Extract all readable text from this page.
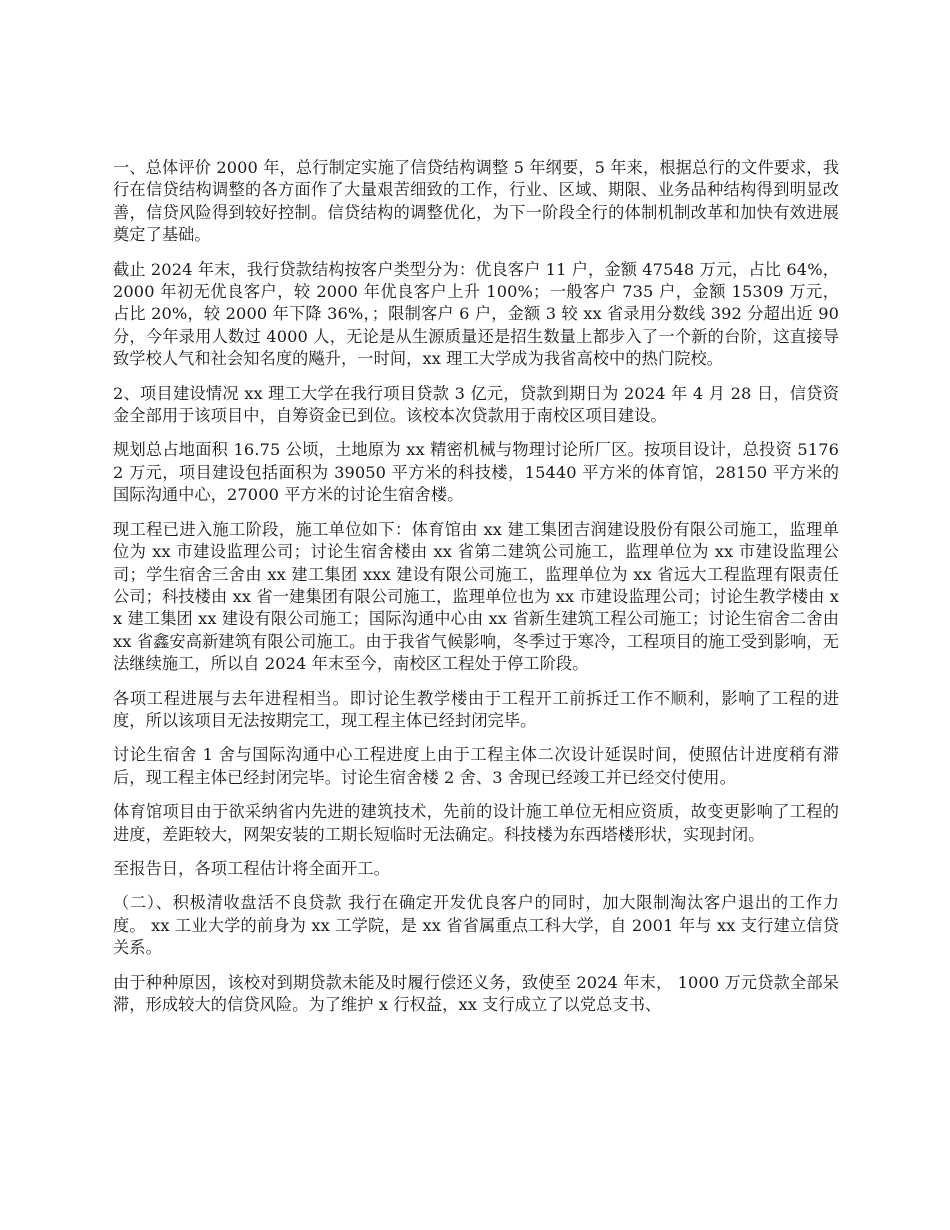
一、总体评价 2000 年，总行制定实施了信贷结构调整 5 年纲要，5 年来，根据总行的文件要求，我行在信贷结构调整的各方面作了大量艰苦细致的工作，行业、区域、期限、业务品种结构得到明显改善，信贷风险得到较好控制。信贷结构的调整优化，为下一阶段全行的体制机制改革和加快有效进展奠定了基础。

截止 2024 年末，我行贷款结构按客户类型分为：优良客户 11 户，金额 47548 万元，占比 64%，2000 年初无优良客户，较 2000 年优良客户上升 100%；一般客户 735 户，金额 15309 万元，占比 20%，较 2000 年下降 36%，；限制客户 6 户，金额 3 较 xx 省录用分数线 392 分超出近 90 分，今年录用人数过 4000 人，无论是从生源质量还是招生数量上都步入了一个新的台阶，这直接导致学校人气和社会知名度的飚升，一时间，xx 理工大学成为我省高校中的热门院校。

2、项目建设情况 xx 理工大学在我行项目贷款 3 亿元，贷款到期日为 2024 年 4 月 28 日，信贷资金全部用于该项目中，自筹资金已到位。该校本次贷款用于南校区项目建设。

规划总占地面积 16.75 公顷，土地原为 xx 精密机械与物理讨论所厂区。按项目设计，总投资 51762 万元，项目建设包括面积为 39050 平方米的科技楼，15440 平方米的体育馆，28150 平方米的国际沟通中心，27000 平方米的讨论生宿舍楼。

现工程已进入施工阶段，施工单位如下：体育馆由 xx 建工集团吉润建设股份有限公司施工，监理单位为 xx 市建设监理公司；讨论生宿舍楼由 xx 省第二建筑公司施工，监理单位为 xx 市建设监理公司；学生宿舍三舍由 xx 建工集团 xxx 建设有限公司施工，监理单位为 xx 省远大工程监理有限责任公司；科技楼由 xx 省一建集团有限公司施工，监理单位也为 xx 市建设监理公司；讨论生教学楼由 xx 建工集团 xx 建设有限公司施工；国际沟通中心由 xx 省新生建筑工程公司施工；讨论生宿舍二舍由 xx 省鑫安高新建筑有限公司施工。由于我省气候影响，冬季过于寒冷，工程项目的施工受到影响，无法继续施工，所以自 2024 年末至今，南校区工程处于停工阶段。

各项工程进展与去年进程相当。即讨论生教学楼由于工程开工前拆迁工作不顺利，影响了工程的进度，所以该项目无法按期完工，现工程主体已经封闭完毕。

讨论生宿舍 1 舍与国际沟通中心工程进度上由于工程主体二次设计延误时间，使照估计进度稍有滞后，现工程主体已经封闭完毕。讨论生宿舍楼 2 舍、3 舍现已经竣工并已经交付使用。

体育馆项目由于欲采纳省内先进的建筑技术，先前的设计施工单位无相应资质，故变更影响了工程的进度，差距较大，网架安装的工期长短临时无法确定。科技楼为东西塔楼形状，实现封闭。

至报告日，各项工程估计将全面开工。

（二）、积极清收盘活不良贷款 我行在确定开发优良客户的同时，加大限制淘汰客户退出的工作力度。 xx 工业大学的前身为 xx 工学院，是 xx 省省属重点工科大学，自 2001 年与 xx 支行建立信贷关系。

由于种种原因，该校对到期贷款未能及时履行偿还义务，致使至 2024 年末， 1000 万元贷款全部呆滞，形成较大的信贷风险。为了维护 x 行权益，xx 支行成立了以党总支书、
